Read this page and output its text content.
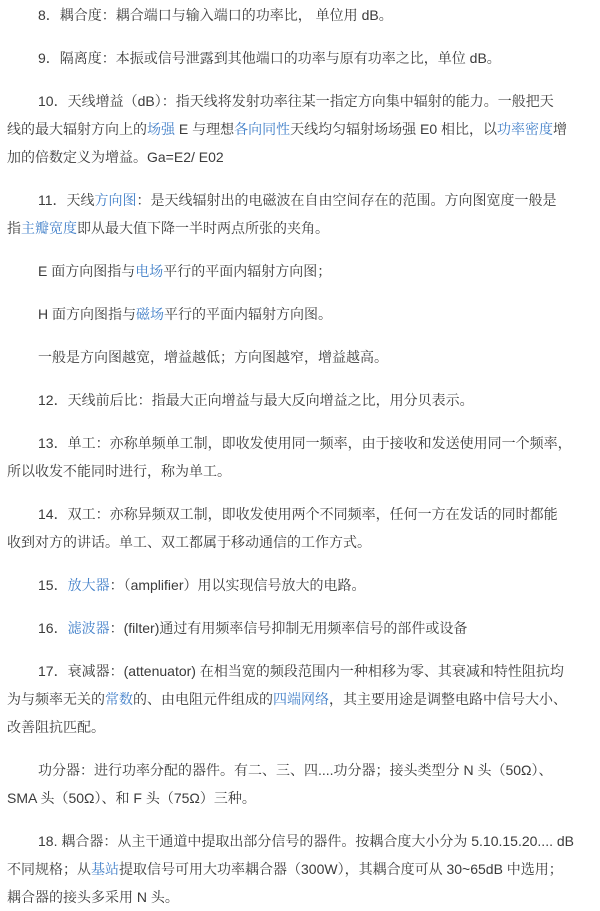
8．耦合度：耦合端口与输入端口的功率比， 单位用 dB。

9．隔离度：本振或信号泄露到其他端口的功率与原有功率之比，单位 dB。

10．天线增益（dB）：指天线将发射功率往某一指定方向集中辐射的能力。一般把天
线的最大辐射方向上的场强 E 与理想各向同性天线均匀辐射场场强 E0 相比，以功率密度增
加的倍数定义为增益。Ga=E2/ E02

11．天线方向图：是天线辐射出的电磁波在自由空间存在的范围。方向图宽度一般是
指主瓣宽度即从最大值下降一半时两点所张的夹角。

E 面方向图指与电场平行的平面内辐射方向图；

H 面方向图指与磁场平行的平面内辐射方向图。

一般是方向图越宽，增益越低；方向图越窄，增益越高。

12．天线前后比：指最大正向增益与最大反向增益之比，用分贝表示。

13．单工：亦称单频单工制，即收发使用同一频率，由于接收和发送使用同一个频率，
所以收发不能同时进行，称为单工。

14．双工：亦称异频双工制，即收发使用两个不同频率，任何一方在发话的同时都能
收到对方的讲话。单工、双工都属于移动通信的工作方式。

15．放大器：（amplifier）用以实现信号放大的电路。

16．滤波器：(filter)通过有用频率信号抑制无用频率信号的部件或设备

17．衰减器：(attenuator) 在相当宽的频段范围内一种相移为零、其衰减和特性阻抗均
为与频率无关的常数的、由电阻元件组成的四端网络，其主要用途是调整电路中信号大小、
改善阻抗匹配。

功分器：进行功率分配的器件。有二、三、四....功分器；接头类型分 N 头（50Ω）、
SMA 头（50Ω）、和 F 头（75Ω）三种。

18. 耦合器：从主干通道中提取出部分信号的器件。按耦合度大小分为 5.10.15.20.... dB
不同规格；从基站提取信号可用大功率耦合器（300W），其耦合度可从 30~65dB 中选用；
耦合器的接头多采用 N 头。
